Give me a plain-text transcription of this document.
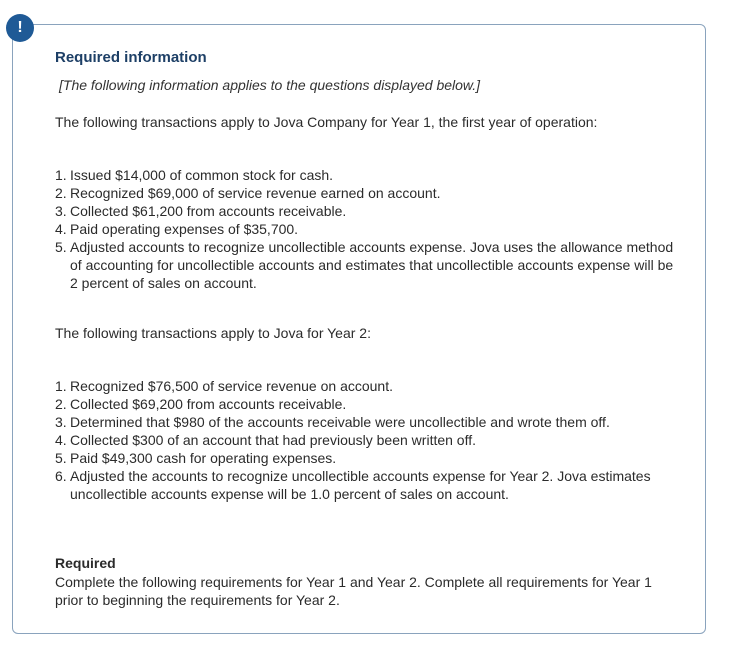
!
Required information
[The following information applies to the questions displayed below.]
The following transactions apply to Jova Company for Year 1, the first year of operation:
1. Issued $14,000 of common stock for cash.
2. Recognized $69,000 of service revenue earned on account.
3. Collected $61,200 from accounts receivable.
4. Paid operating expenses of $35,700.
5. Adjusted accounts to recognize uncollectible accounts expense. Jova uses the allowance method of accounting for uncollectible accounts and estimates that uncollectible accounts expense will be 2 percent of sales on account.
The following transactions apply to Jova for Year 2:
1. Recognized $76,500 of service revenue on account.
2. Collected $69,200 from accounts receivable.
3. Determined that $980 of the accounts receivable were uncollectible and wrote them off.
4. Collected $300 of an account that had previously been written off.
5. Paid $49,300 cash for operating expenses.
6. Adjusted the accounts to recognize uncollectible accounts expense for Year 2. Jova estimates uncollectible accounts expense will be 1.0 percent of sales on account.
Required
Complete the following requirements for Year 1 and Year 2. Complete all requirements for Year 1 prior to beginning the requirements for Year 2.
